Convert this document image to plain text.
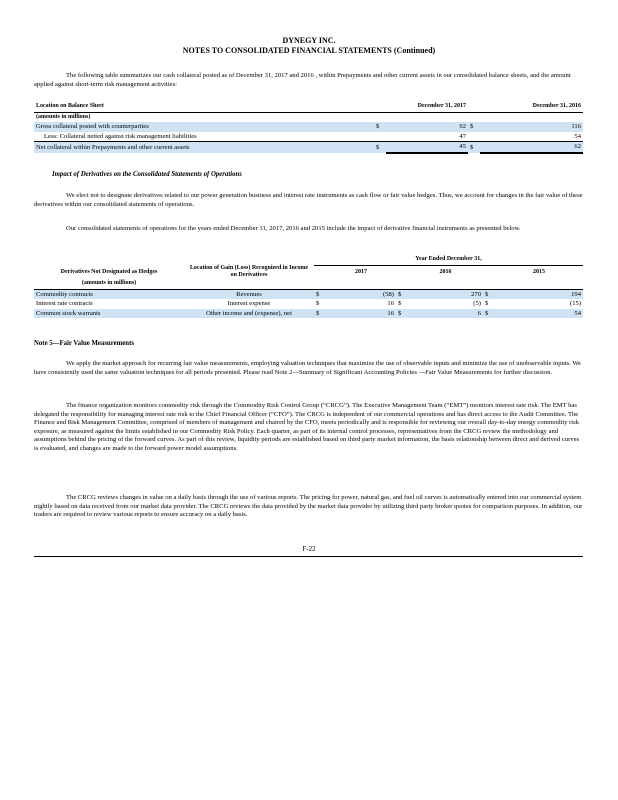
DYNEGY INC.
NOTES TO CONSOLIDATED FINANCIAL STATEMENTS (Continued)
The following table summarizes our cash collateral posted as of December 31, 2017 and 2016 , within Prepayments and other current assets in our consolidated balance sheets, and the amount applied against short-term risk management activities:
Location on Balance Sheet		December 31, 2017		December 31, 2016
(amounts in millions)				
Gross collateral posted with counterparties	$	92	$	116
Less: Collateral netted against risk management liabilities		47		54
Net collateral within Prepayments and other current assets	$	45	$	62
Impact of Derivatives on the Consolidated Statements of Operations
We elect not to designate derivatives related to our power generation business and interest rate instruments as cash flow or fair value hedges. Thus, we account for changes in the fair value of these derivatives within our consolidated statements of operations.
Our consolidated statements of operations for the years ended December 31, 2017, 2016 and 2015 include the impact of derivative financial instruments as presented below.
		Year Ended December 31,					
Derivatives Not Designated as Hedges	Location of Gain (Loss) Recognized in Income on Derivatives		2017		2016		2015
(amounts in millions)							
Commodity contracts	Revenues	$	(58)	$	270	$	194
Interest rate contracts	Interest expense	$	16	$	(5)	$	(15)
Common stock warrants	Other income and (expense), net	$	16	$	6	$	54
Note 5—Fair Value Measurements
We apply the market approach for recurring fair value measurements, employing valuation techniques that maximize the use of observable inputs and minimize the use of unobservable inputs. We have consistently used the same valuation techniques for all periods presented. Please read Note 2—Summary of Significant Accounting Policies —Fair Value Measurements for further discussion.
The finance organization monitors commodity risk through the Commodity Risk Control Group (“CRCG”). The Executive Management Team (“EMT”) monitors interest rate risk. The EMT has delegated the responsibility for managing interest rate risk to the Chief Financial Officer (“CFO”). The CRCG is independent of our commercial operations and has direct access to the Audit Committee. The Finance and Risk Management Committee, comprised of members of management and chaired by the CFO, meets periodically and is responsible for reviewing our overall day-to-day energy commodity risk exposure, as measured against the limits established in our Commodity Risk Policy. Each quarter, as part of its internal control processes, representatives from the CRCG review the methodology and assumptions behind the pricing of the forward curves. As part of this review, liquidity periods are established based on third party market information, the basis relationship between direct and derived curves is evaluated, and changes are made to the forward power model assumptions.
The CRCG reviews changes in value on a daily basis through the use of various reports. The pricing for power, natural gas, and fuel oil curves is automatically entered into our commercial system nightly based on data received from our market data provider. The CRCG reviews the data provided by the market data provider by utilizing third party broker quotes for comparison purposes. In addition, our traders are required to review various reports to ensure accuracy on a daily basis.
F-22
